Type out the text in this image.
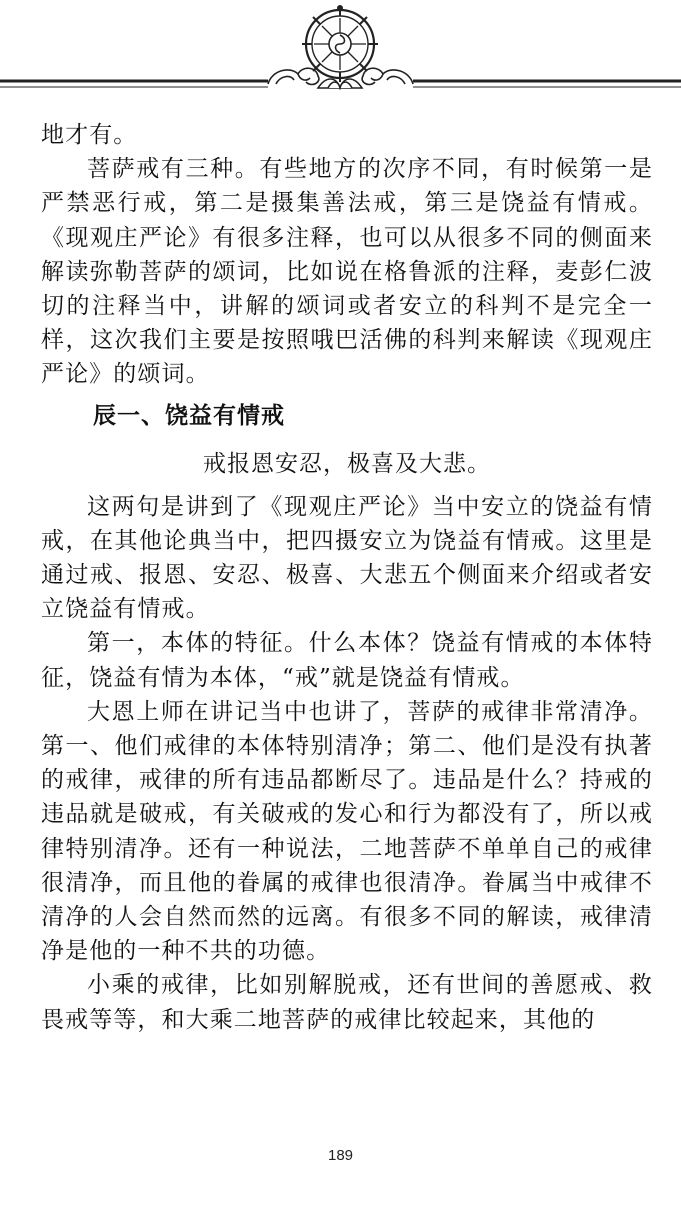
地才有。

菩萨戒有三种。有些地方的次序不同，有时候第一是严禁恶行戒，第二是摄集善法戒，第三是饶益有情戒。《现观庄严论》有很多注释，也可以从很多不同的侧面来解读弥勒菩萨的颂词，比如说在格鲁派的注释，麦彭仁波切的注释当中，讲解的颂词或者安立的科判不是完全一样，这次我们主要是按照哦巴活佛的科判来解读《现观庄严论》的颂词。

辰一、饶益有情戒
戒报恩安忍，极喜及大悲。

这两句是讲到了《现观庄严论》当中安立的饶益有情戒，在其他论典当中，把四摄安立为饶益有情戒。这里是通过戒、报恩、安忍、极喜、大悲五个侧面来介绍或者安立饶益有情戒。

第一，本体的特征。什么本体？饶益有情戒的本体特征，饶益有情为本体，“戒”就是饶益有情戒。

大恩上师在讲记当中也讲了，菩萨的戒律非常清净。第一、他们戒律的本体特别清净；第二、他们是没有执著的戒律，戒律的所有违品都断尽了。违品是什么？持戒的违品就是破戒，有关破戒的发心和行为都没有了，所以戒律特别清净。还有一种说法，二地菩萨不单单自己的戒律很清净，而且他的眷属的戒律也很清净。眷属当中戒律不清净的人会自然而然的远离。有很多不同的解读，戒律清净是他的一种不共的功德。

小乘的戒律，比如别解脱戒，还有世间的善愿戒、救畏戒等等，和大乘二地菩萨的戒律比较起来，其他的

189
